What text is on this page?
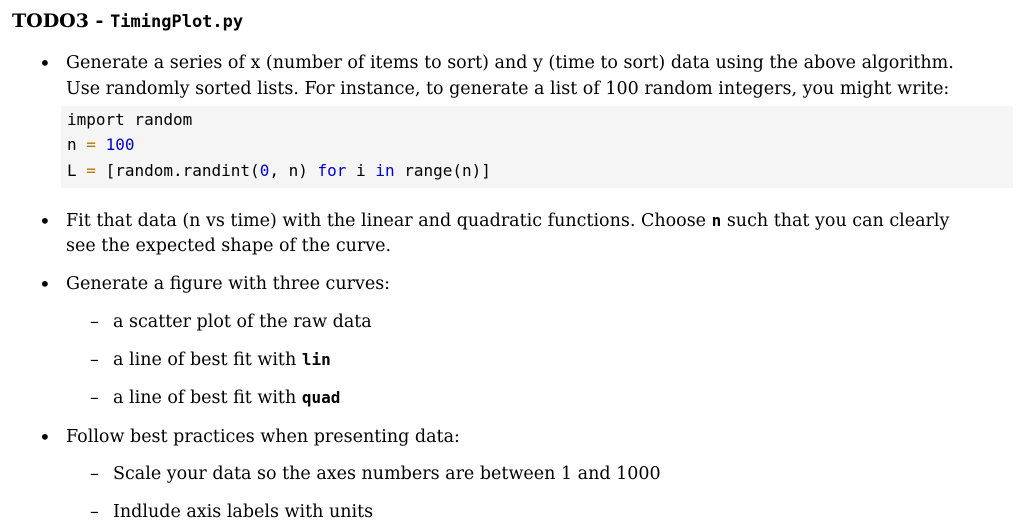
TODO3 - TimingPlot.py
• Generate a series of x (number of items to sort) and y (time to sort) data using the above algorithm.
Use randomly sorted lists. For instance, to generate a list of 100 random integers, you might write:
import random
n = 100
L = [random.randint(0, n) for i in range(n)]
• Fit that data (n vs time) with the linear and quadratic functions. Choose n such that you can clearly
see the expected shape of the curve.
• Generate a figure with three curves:
– a scatter plot of the raw data
– a line of best fit with lin
– a line of best fit with quad
• Follow best practices when presenting data:
– Scale your data so the axes numbers are between 1 and 1000
– Indlude axis labels with units
